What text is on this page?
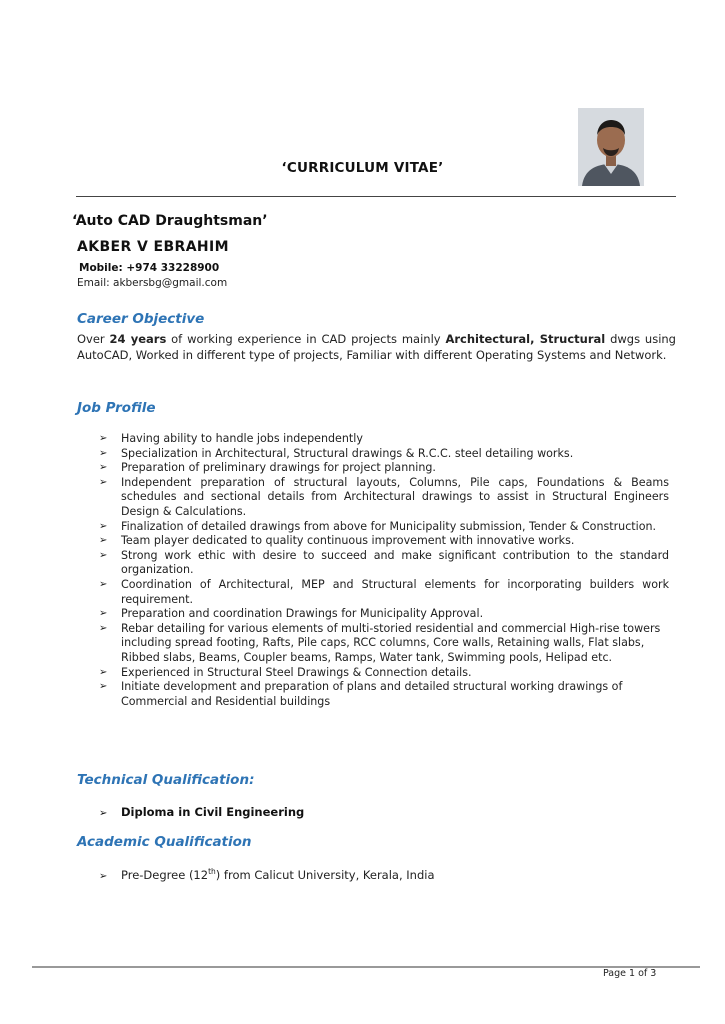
‘CURRICULUM VITAE’
‘Auto CAD Draughtsman’
AKBER V EBRAHIM
Mobile: +974 33228900
Email: akbersbg@gmail.com
Career Objective
Over 24 years of working experience in CAD projects mainly Architectural, Structural dwgs using AutoCAD, Worked in different type of projects, Familiar with different Operating Systems and Network.
Job Profile
➢ Having ability to handle jobs independently
➢ Specialization in Architectural, Structural drawings & R.C.C. steel detailing works.
➢ Preparation of preliminary drawings for project planning.
➢ Independent preparation of structural layouts, Columns, Pile caps, Foundations & Beams schedules and sectional details from Architectural drawings to assist in Structural Engineers Design & Calculations.
➢ Finalization of detailed drawings from above for Municipality submission, Tender & Construction.
➢ Team player dedicated to quality continuous improvement with innovative works.
➢ Strong work ethic with desire to succeed and make significant contribution to the standard organization.
➢ Coordination of Architectural, MEP and Structural elements for incorporating builders work requirement.
➢ Preparation and coordination Drawings for Municipality Approval.
➢ Rebar detailing for various elements of multi-storied residential and commercial High-rise towers including spread footing, Rafts, Pile caps, RCC columns, Core walls, Retaining walls, Flat slabs, Ribbed slabs, Beams, Coupler beams, Ramps, Water tank, Swimming pools, Helipad etc.
➢ Experienced in Structural Steel Drawings & Connection details.
➢ Initiate development and preparation of plans and detailed structural working drawings of Commercial and Residential buildings
Technical Qualification:
➢ Diploma in Civil Engineering
Academic Qualification
➢ Pre-Degree (12th) from Calicut University, Kerala, India
Page 1 of 3
